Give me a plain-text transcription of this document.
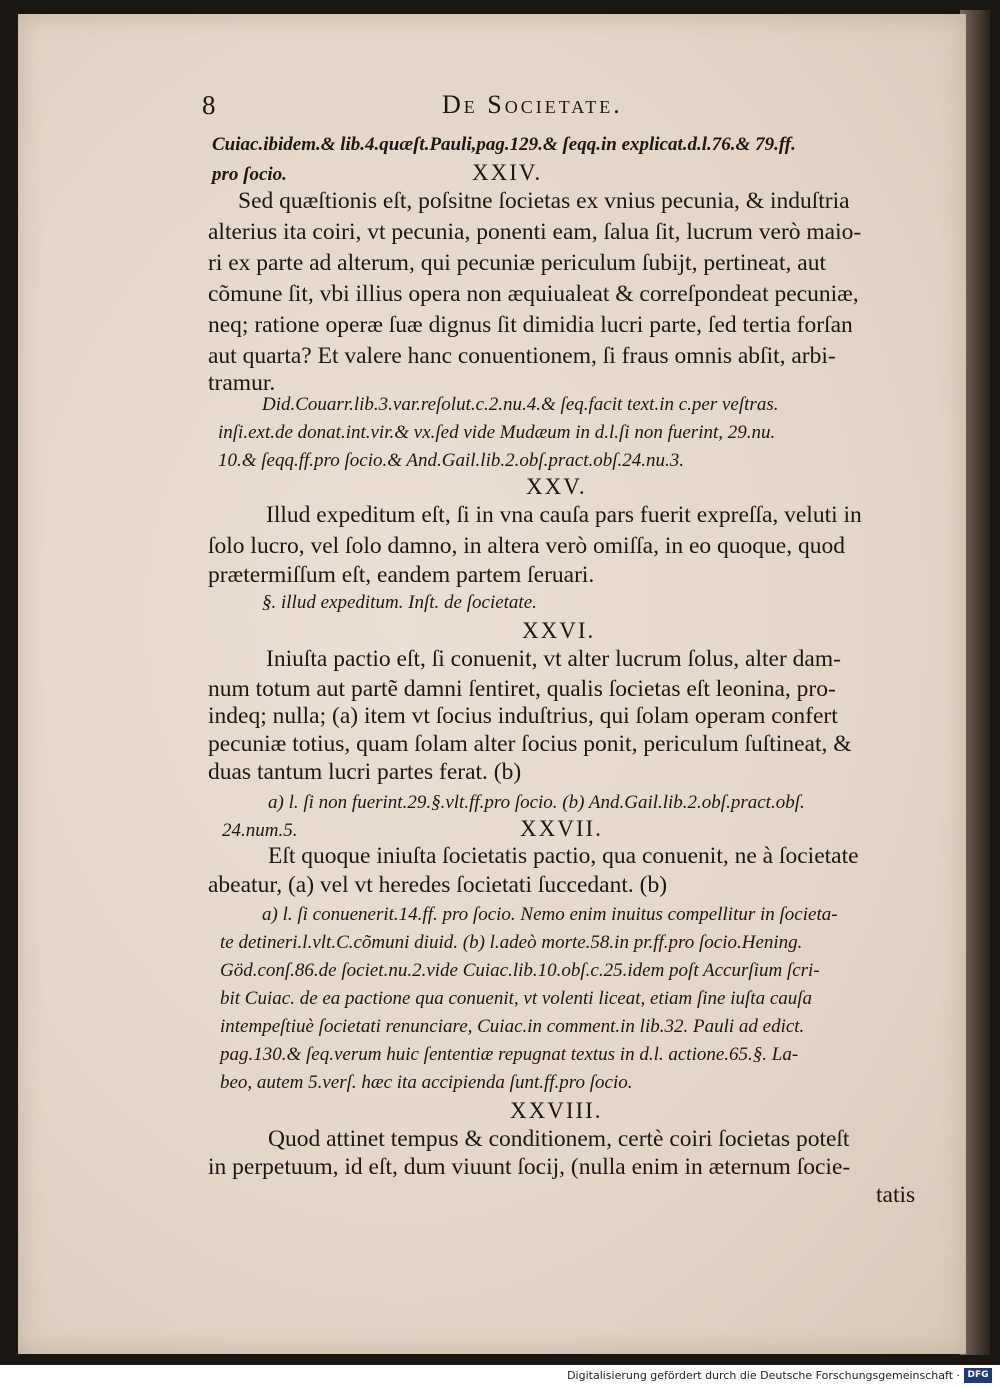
8	De Societate.
Cuiac.ibidem.& lib.4.quæſt.Pauli,pag.129.& ſeqq.in explicat.d.l.76.& 79.ff.
pro ſocio.	XXIV.
Sed quæſtionis eſt, poſsitne ſocietas ex vnius pecunia, & induſtria
alterius ita coiri, vt pecunia, ponenti eam, ſalua ſit, lucrum verò maio-
ri ex parte ad alterum, qui pecuniæ periculum ſubijt, pertineat, aut
cõmune ſit, vbi illius opera non æquiualeat & correſpondeat pecuniæ,
neq; ratione operæ ſuæ dignus ſit dimidia lucri parte, ſed tertia forſan
aut quarta? Et valere hanc conuentionem, ſi fraus omnis abſit, arbi-
tramur.
Did.Couarr.lib.3.var.reſolut.c.2.nu.4.& ſeq.facit text.in c.per veſtras.
inſi.ext.de donat.int.vir.& vx.ſed vide Mudæum in d.l.ſi non fuerint, 29.nu.
10.& ſeqq.ff.pro ſocio.& And.Gail.lib.2.obſ.pract.obſ.24.nu.3.
XXV.
Illud expeditum eſt, ſi in vna cauſa pars fuerit expreſſa, veluti in
ſolo lucro, vel ſolo damno, in altera verò omiſſa, in eo quoque, quod
prætermiſſum eſt, eandem partem ſeruari.
§. illud expeditum. Inſt. de ſocietate.
XXVI.
Iniuſta pactio eſt, ſi conuenit, vt alter lucrum ſolus, alter dam-
num totum aut partẽ damni ſentiret, qualis ſocietas eſt leonina, pro-
indeq; nulla; (a) item vt ſocius induſtrius, qui ſolam operam confert
pecuniæ totius, quam ſolam alter ſocius ponit, periculum ſuſtineat, &
duas tantum lucri partes ferat. (b)
a) l. ſi non fuerint.29.§.vlt.ff.pro ſocio. (b) And.Gail.lib.2.obſ.pract.obſ.
24.num.5.	XXVII.
Eſt quoque iniuſta ſocietatis pactio, qua conuenit, ne à ſocietate
abeatur, (a) vel vt heredes ſocietati ſuccedant. (b)
a) l. ſi conuenerit.14.ff. pro ſocio. Nemo enim inuitus compellitur in ſocieta-
te detineri.l.vlt.C.cõmuni diuid. (b) l.adeò morte.58.in pr.ff.pro ſocio.Hening.
Göd.conſ.86.de ſociet.nu.2.vide Cuiac.lib.10.obſ.c.25.idem poſt Accurſium ſcri-
bit Cuiac. de ea pactione qua conuenit, vt volenti liceat, etiam ſine iuſta cauſa
intempeſtiuè ſocietati renunciare, Cuiac.in comment.in lib.32. Pauli ad edict.
pag.130.& ſeq.verum huic ſententiæ repugnat textus in d.l. actione.65.§. La-
beo, autem 5.verſ. hæc ita accipienda ſunt.ff.pro ſocio.
XXVIII.
Quod attinet tempus & conditionem, certè coiri ſocietas poteſt
in perpetuum, id eſt, dum viuunt ſocij, (nulla enim in æternum ſocie-
tatis
Digitalisierung gefördert durch die Deutsche Forschungsgemeinschaft · DFG
